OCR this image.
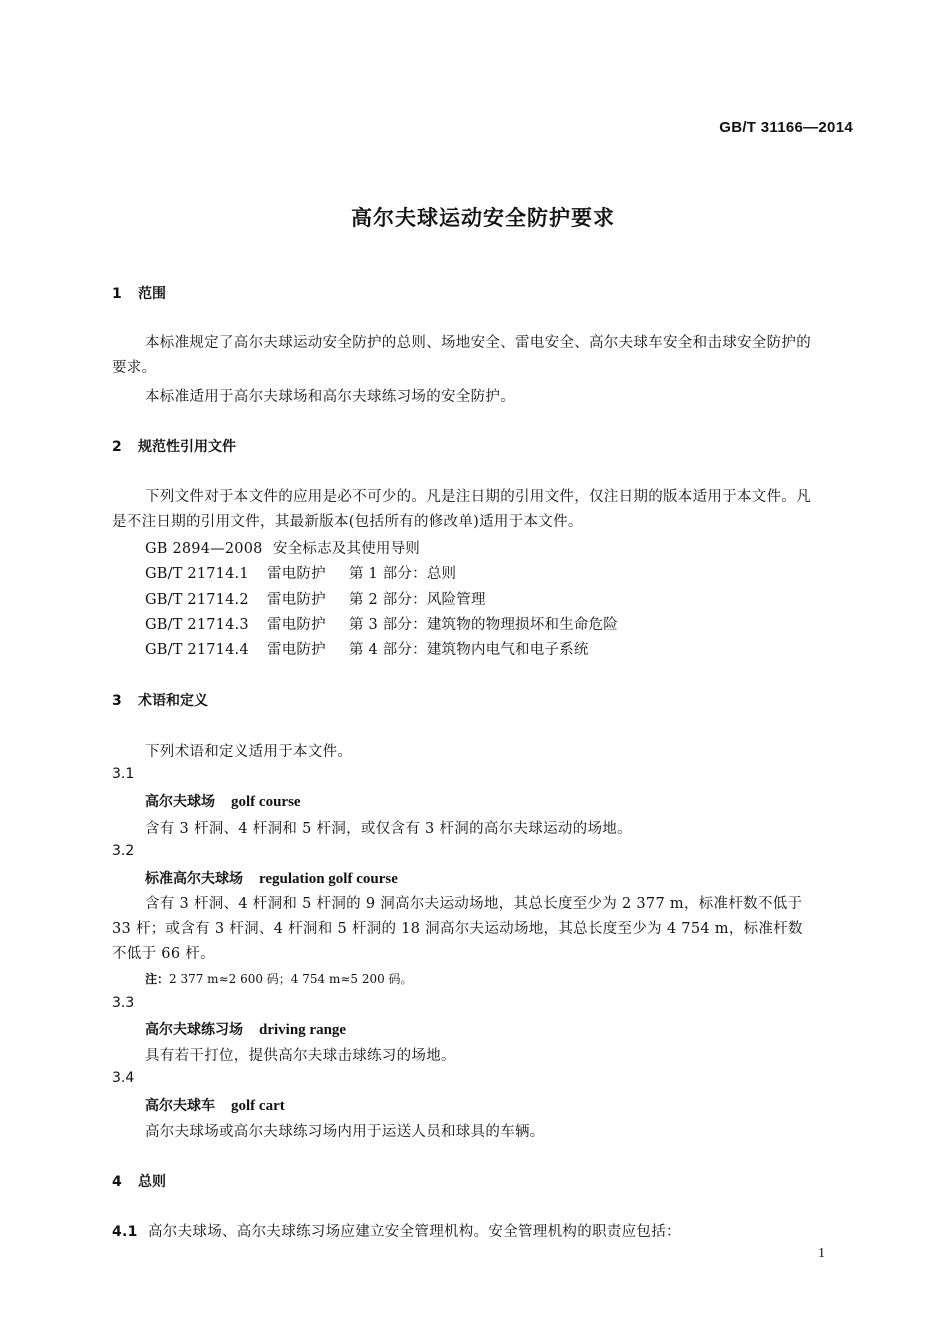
GB/T 31166—2014
高尔夫球运动安全防护要求
1 范围
本标准规定了高尔夫球运动安全防护的总则、场地安全、雷电安全、高尔夫球车安全和击球安全防护的要求。
本标准适用于高尔夫球场和高尔夫球练习场的安全防护。
2 规范性引用文件
下列文件对于本文件的应用是必不可少的。凡是注日期的引用文件，仅注日期的版本适用于本文件。凡是不注日期的引用文件，其最新版本(包括所有的修改单)适用于本文件。
GB 2894—2008 安全标志及其使用导则
GB/T 21714.1 雷电防护 第 1 部分：总则
GB/T 21714.2 雷电防护 第 2 部分：风险管理
GB/T 21714.3 雷电防护 第 3 部分：建筑物的物理损坏和生命危险
GB/T 21714.4 雷电防护 第 4 部分：建筑物内电气和电子系统
3 术语和定义
下列术语和定义适用于本文件。
3.1
高尔夫球场 golf course
含有 3 杆洞、4 杆洞和 5 杆洞，或仅含有 3 杆洞的高尔夫球运动的场地。
3.2
标准高尔夫球场 regulation golf course
含有 3 杆洞、4 杆洞和 5 杆洞的 9 洞高尔夫运动场地，其总长度至少为 2 377 m，标准杆数不低于 33 杆；或含有 3 杆洞、4 杆洞和 5 杆洞的 18 洞高尔夫运动场地，其总长度至少为 4 754 m，标准杆数不低于 66 杆。
注：2 377 m≈2 600 码；4 754 m≈5 200 码。
3.3
高尔夫球练习场 driving range
具有若干打位，提供高尔夫球击球练习的场地。
3.4
高尔夫球车 golf cart
高尔夫球场或高尔夫球练习场内用于运送人员和球具的车辆。
4 总则
4.1 高尔夫球场、高尔夫球练习场应建立安全管理机构。安全管理机构的职责应包括：
1
